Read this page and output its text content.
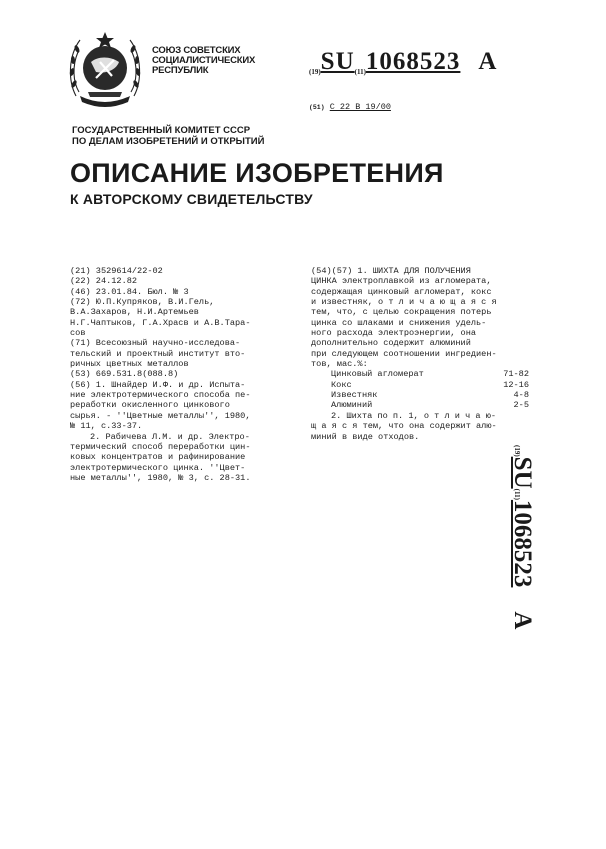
СОЮЗ СОВЕТСКИХ
СОЦИАЛИСТИЧЕСКИХ
РЕСПУБЛИК	(19)SU(11)1068523 A
(51) С 22 В 19/00
ГОСУДАРСТВЕННЫЙ КОМИТЕТ СССР
ПО ДЕЛАМ ИЗОБРЕТЕНИЙ И ОТКРЫТИЙ
ОПИСАНИЕ ИЗОБРЕТЕНИЯ
К АВТОРСКОМУ СВИДЕТЕЛЬСТВУ
(21) 3529614/22-02
(22) 24.12.82
(46) 23.01.84. Бюл. № 3
(72) Ю.П.Купряков, В.И.Гель,
В.А.Захаров, Н.И.Артемьев
Н.Г.Чаптыков, Г.А.Храсв и А.В.Тара-
сов
(71) Всесоюзный научно-исследова-
тельский и проектный институт вто-
ричных цветных металлов
(53) 669.531.8(088.8)
(56) 1. Шнайдер И.Ф. и др. Испыта-
ние электротермического способа пе-
реработки окисленного цинкового
сырья. - ''Цветные металлы'', 1980,
№ 11, с.33-37.
2. Рабичева Л.М. и др. Электро-
термический способ переработки цин-
ковых концентратов и рафинирование
электротермического цинка. ''Цвет-
ные металлы'', 1980, № 3, с. 28-31.
(54)(57) 1. ШИХТА ДЛЯ ПОЛУЧЕНИЯ
ЦИНКА электроплавкой из агломерата,
содержащая цинковый агломерат, кокс
и известняк, о т л и ч а ю щ а я с я
тем, что, с целью сокращения потерь
цинка со шлаками и снижения удель-
ного расхода электроэнергии, она
дополнительно содержит алюминий
при следующем соотношении ингредиен-
тов, мас.%:
Цинковый агломерат	71-82
Кокс	12-16
Известняк	4-8
Алюминий	2-5
2. Шихта по п. 1, о т л и ч а ю-
щ а я с я тем, что она содержит алю-
миний в виде отходов.
(19)SU(11)1068523A
